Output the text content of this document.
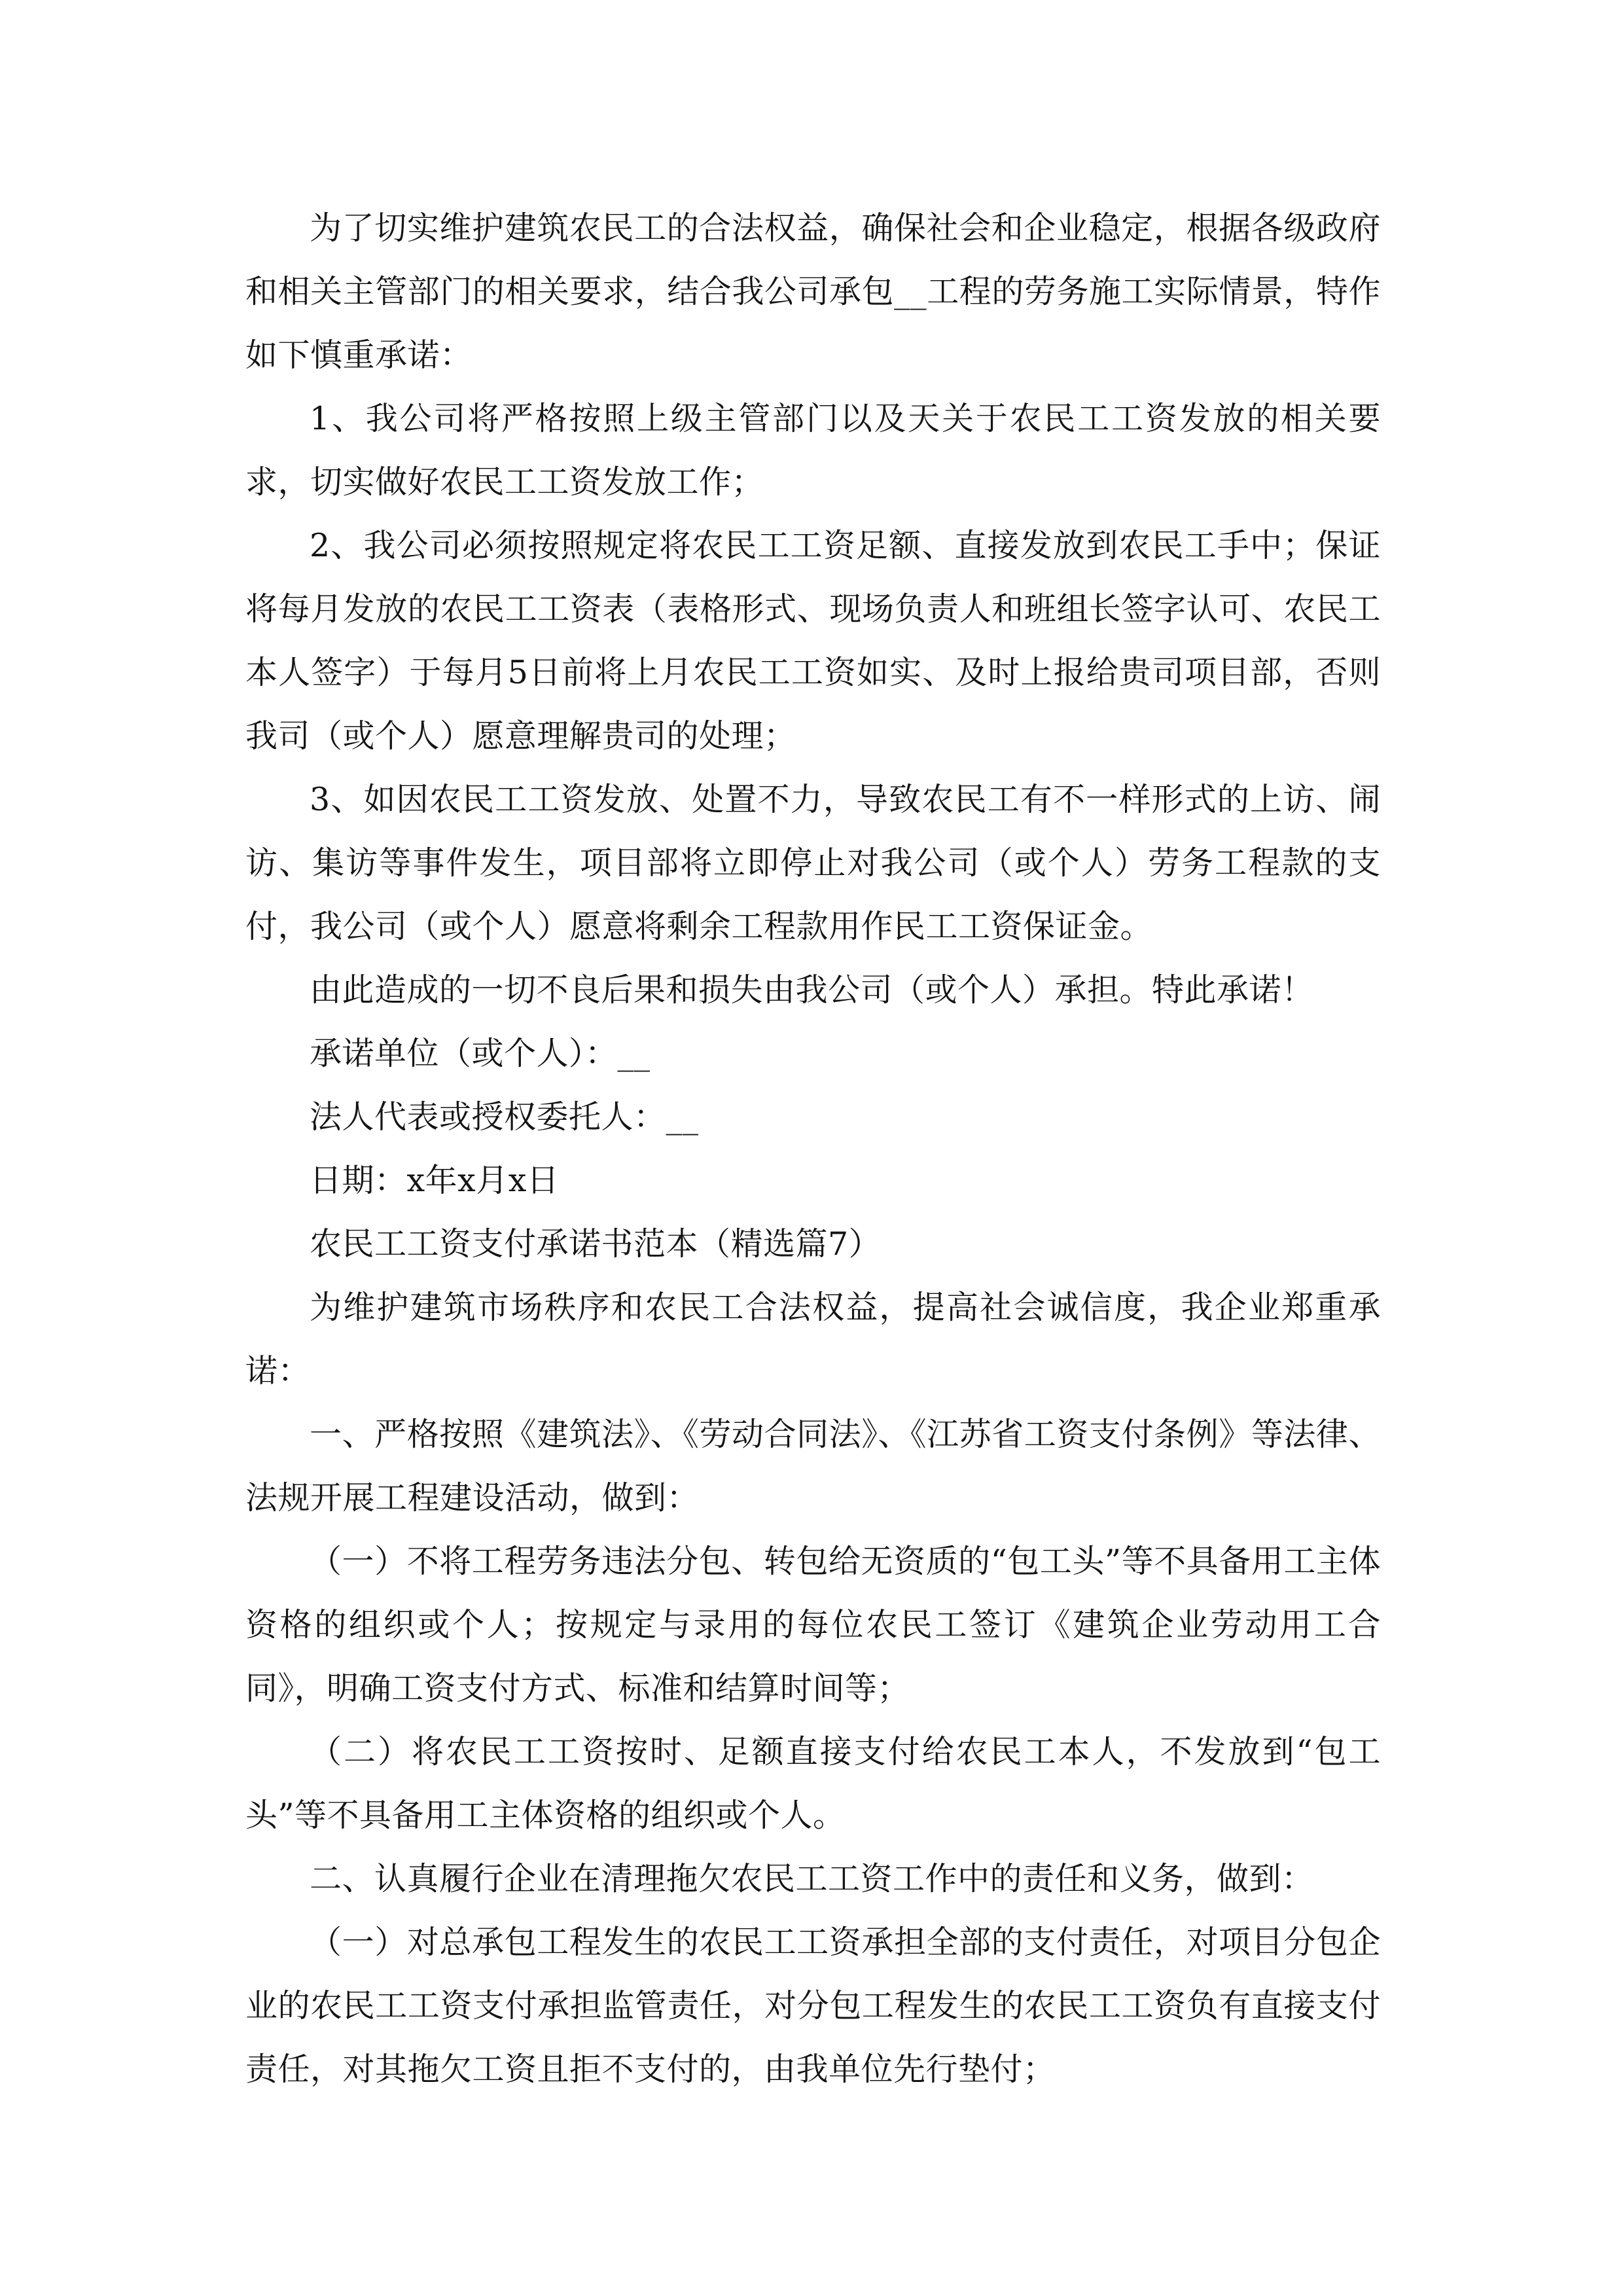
为了切实维护建筑农民工的合法权益，确保社会和企业稳定，根据各级政府和相关主管部门的相关要求，结合我公司承包__工程的劳务施工实际情景，特作如下慎重承诺：

1、我公司将严格按照上级主管部门以及天关于农民工工资发放的相关要求，切实做好农民工工资发放工作；

2、我公司必须按照规定将农民工工资足额、直接发放到农民工手中；保证将每月发放的农民工工资表（表格形式、现场负责人和班组长签字认可、农民工本人签字）于每月5日前将上月农民工工资如实、及时上报给贵司项目部，否则我司（或个人）愿意理解贵司的处理；

3、如因农民工工资发放、处置不力，导致农民工有不一样形式的上访、闹访、集访等事件发生，项目部将立即停止对我公司（或个人）劳务工程款的支付，我公司（或个人）愿意将剩余工程款用作民工工资保证金。

由此造成的一切不良后果和损失由我公司（或个人）承担。特此承诺！

承诺单位（或个人）：__

法人代表或授权委托人：__

日期：x年x月x日

农民工工资支付承诺书范本（精选篇7）

为维护建筑市场秩序和农民工合法权益，提高社会诚信度，我企业郑重承诺：

一、严格按照《建筑法》、《劳动合同法》、《江苏省工资支付条例》等法律、法规开展工程建设活动，做到：

（一）不将工程劳务违法分包、转包给无资质的“包工头”等不具备用工主体资格的组织或个人；按规定与录用的每位农民工签订《建筑企业劳动用工合同》，明确工资支付方式、标准和结算时间等；

（二）将农民工工资按时、足额直接支付给农民工本人，不发放到“包工头”等不具备用工主体资格的组织或个人。

二、认真履行企业在清理拖欠农民工工资工作中的责任和义务，做到：

（一）对总承包工程发生的农民工工资承担全部的支付责任，对项目分包企业的农民工工资支付承担监管责任，对分包工程发生的农民工工资负有直接支付责任，对其拖欠工资且拒不支付的，由我单位先行垫付；
